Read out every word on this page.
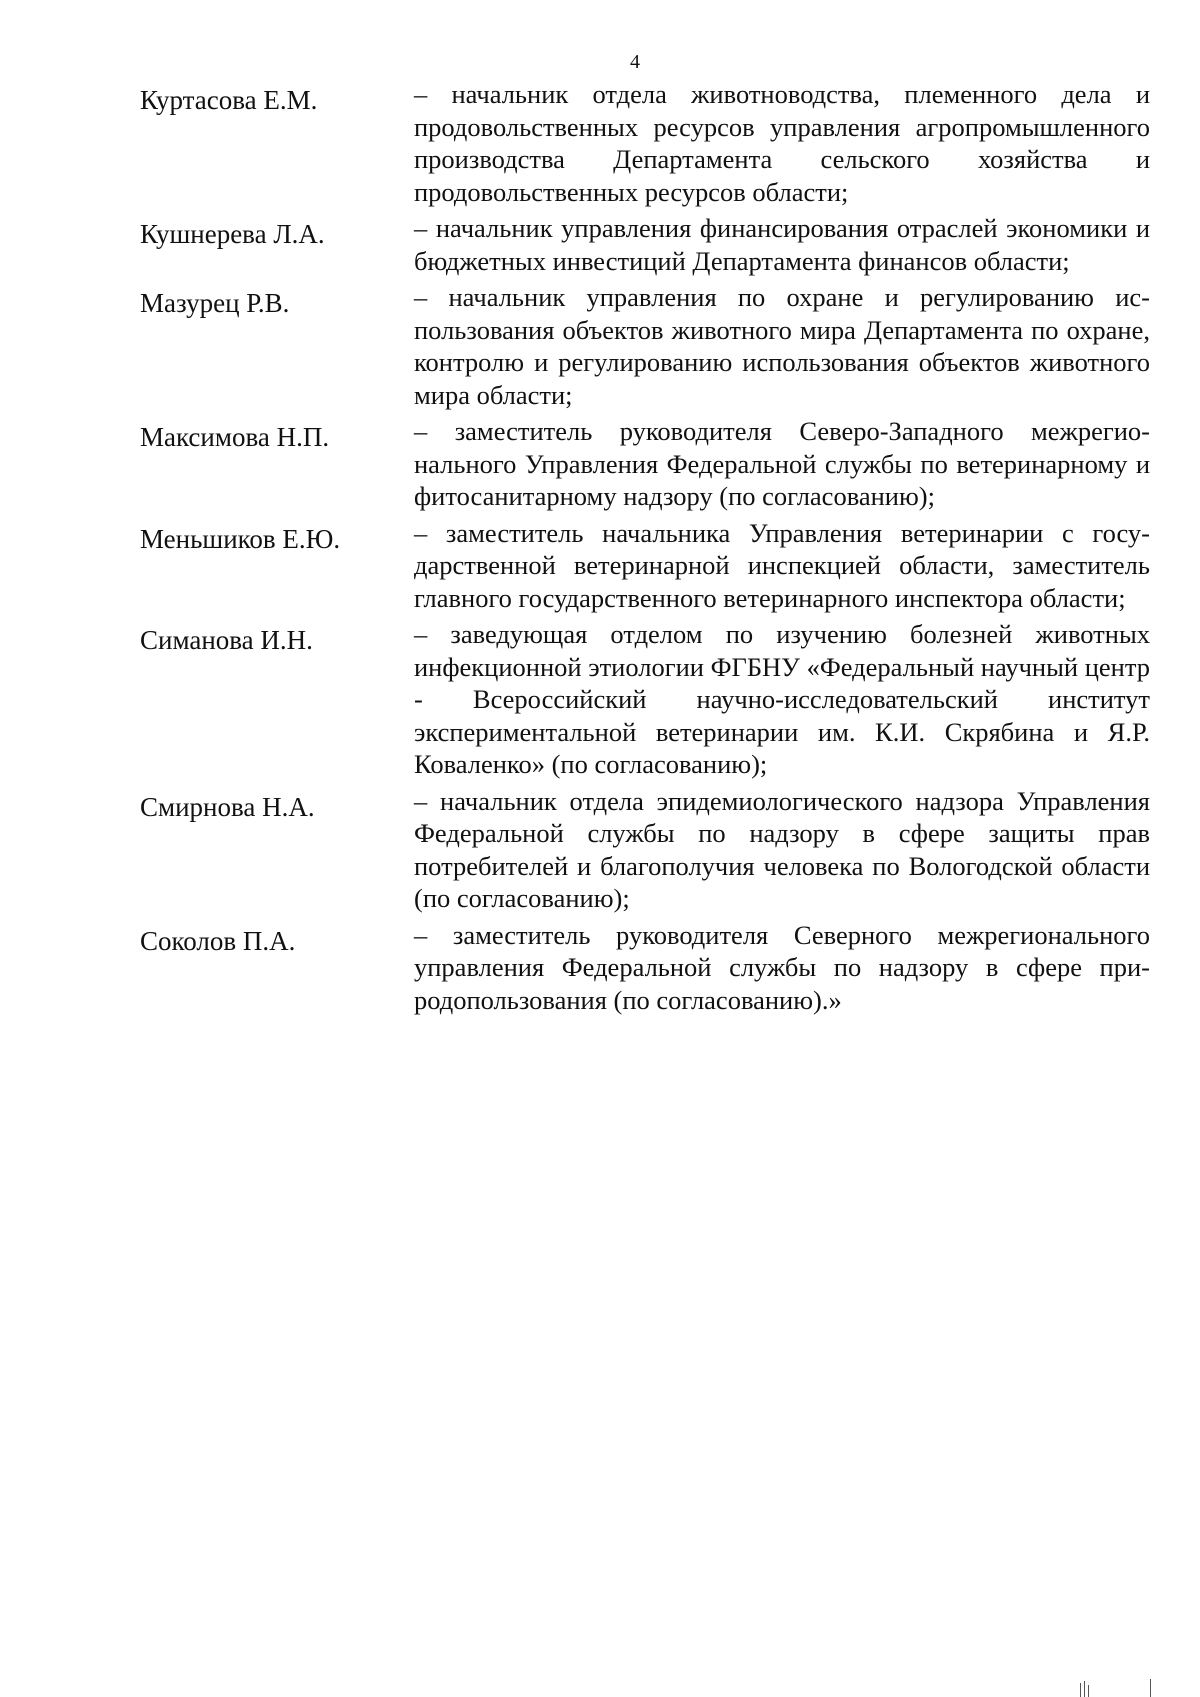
4
Куртасова Е.М.	– начальник отдела животноводства, племенного дела и продовольственных ресурсов управления агропромышленного производства Департамента сельского хозяйства и продовольственных ресурсов области;
Кушнерева Л.А.	– начальник управления финансирования отраслей экономики и бюджетных инвестиций Департамента финансов области;
Мазурец Р.В.	– начальник управления по охране и регулированию использования объектов животного мира Департамента по охране, контролю и регулированию использования объектов животного мира области;
Максимова Н.П.	– заместитель руководителя Северо-Западного межрегионального Управления Федеральной службы по ветеринарному и фитосанитарному надзору (по согласованию);
Меньшиков Е.Ю.	– заместитель начальника Управления ветеринарии с государственной ветеринарной инспекцией области, заместитель главного государственного ветеринарного инспектора области;
Симанова И.Н.	– заведующая отделом по изучению болезней животных инфекционной этиологии ФГБНУ «Федеральный научный центр - Всероссийский научно-исследовательский институт экспериментальной ветеринарии им. К.И. Скрябина и Я.Р. Коваленко» (по согласованию);
Смирнова Н.А.	– начальник отдела эпидемиологического надзора Управления Федеральной службы по надзору в сфере защиты прав потребителей и благополучия человека по Вологодской области (по согласованию);
Соколов П.А.	– заместитель руководителя Северного межрегионального управления Федеральной службы по надзору в сфере природопользования (по согласованию).»
